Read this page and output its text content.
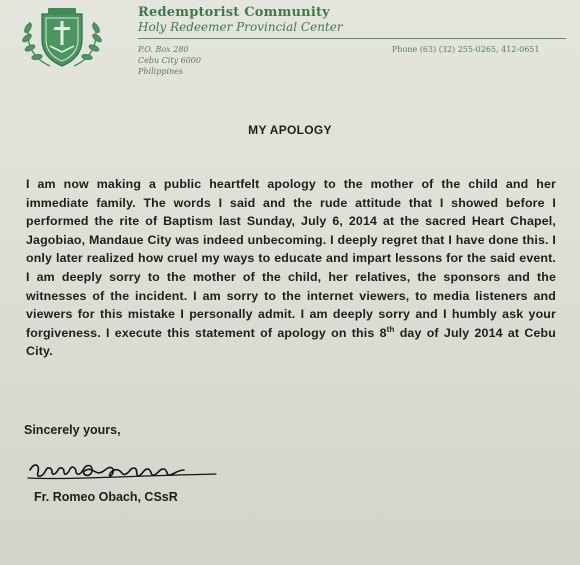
Redemptorist Community
Holy Redeemer Provincial Center
P.O. Box 280
Cebu City 6000
Philippines
Phone (63) (32) 255-0265, 412-0651
MY APOLOGY
I am now making a public heartfelt apology to the mother of the child and her immediate family. The words I said and the rude attitude that I showed before I performed the rite of Baptism last Sunday, July 6, 2014 at the sacred Heart Chapel, Jagobiao, Mandaue City was indeed unbecoming. I deeply regret that I have done this. I only later realized how cruel my ways to educate and impart lessons for the said event. I am deeply sorry to the mother of the child, her relatives, the sponsors and the witnesses of the incident. I am sorry to the internet viewers, to media listeners and viewers for this mistake I personally admit. I am deeply sorry and I humbly ask your forgiveness. I execute this statement of apology on this 8th day of July 2014 at Cebu City.
Sincerely yours,
Fr. Romeo Obach, CSsR
